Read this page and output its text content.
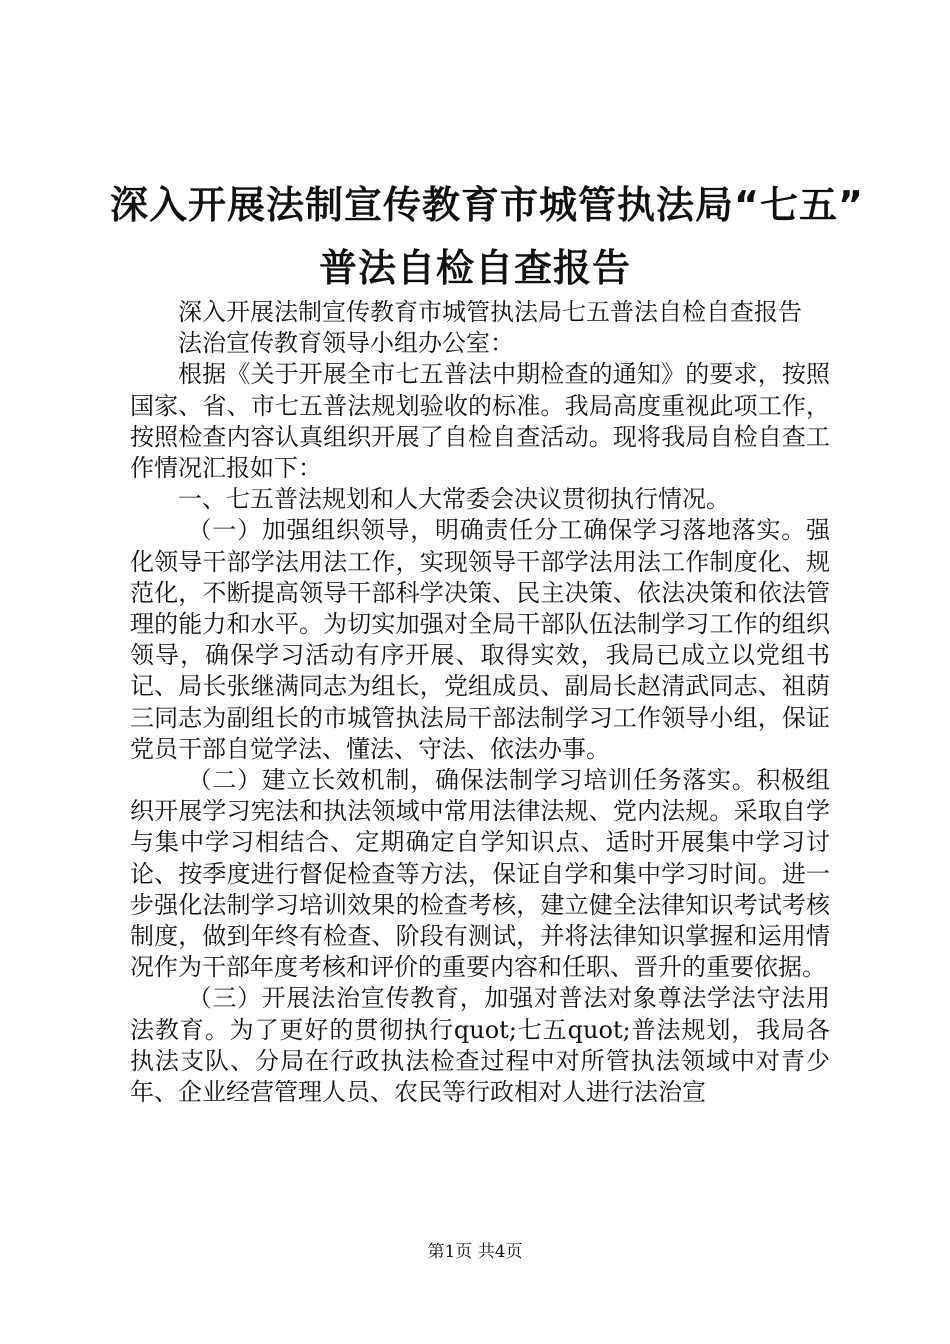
深入开展法制宣传教育市城管执法局“七五”
普法自检自查报告

深入开展法制宣传教育市城管执法局七五普法自检自查报告

法治宣传教育领导小组办公室：

根据《关于开展全市七五普法中期检查的通知》的要求，按照国家、省、市七五普法规划验收的标准。我局高度重视此项工作，按照检查内容认真组织开展了自检自查活动。现将我局自检自查工作情况汇报如下：

一、七五普法规划和人大常委会决议贯彻执行情况。

（一）加强组织领导，明确责任分工确保学习落地落实。强化领导干部学法用法工作，实现领导干部学法用法工作制度化、规范化，不断提高领导干部科学决策、民主决策、依法决策和依法管理的能力和水平。为切实加强对全局干部队伍法制学习工作的组织领导，确保学习活动有序开展、取得实效，我局已成立以党组书记、局长张继满同志为组长，党组成员、副局长赵清武同志、祖荫三同志为副组长的市城管执法局干部法制学习工作领导小组，保证党员干部自觉学法、懂法、守法、依法办事。

（二）建立长效机制，确保法制学习培训任务落实。积极组织开展学习宪法和执法领域中常用法律法规、党内法规。采取自学与集中学习相结合、定期确定自学知识点、适时开展集中学习讨论、按季度进行督促检查等方法，保证自学和集中学习时间。进一步强化法制学习培训效果的检查考核，建立健全法律知识考试考核制度，做到年终有检查、阶段有测试，并将法律知识掌握和运用情况作为干部年度考核和评价的重要内容和任职、晋升的重要依据。

（三）开展法治宣传教育，加强对普法对象尊法学法守法用法教育。为了更好的贯彻执行quot;七五quot;普法规划，我局各执法支队、分局在行政执法检查过程中对所管执法领域中对青少年、企业经营管理人员、农民等行政相对人进行法治宣

第1页 共4页
